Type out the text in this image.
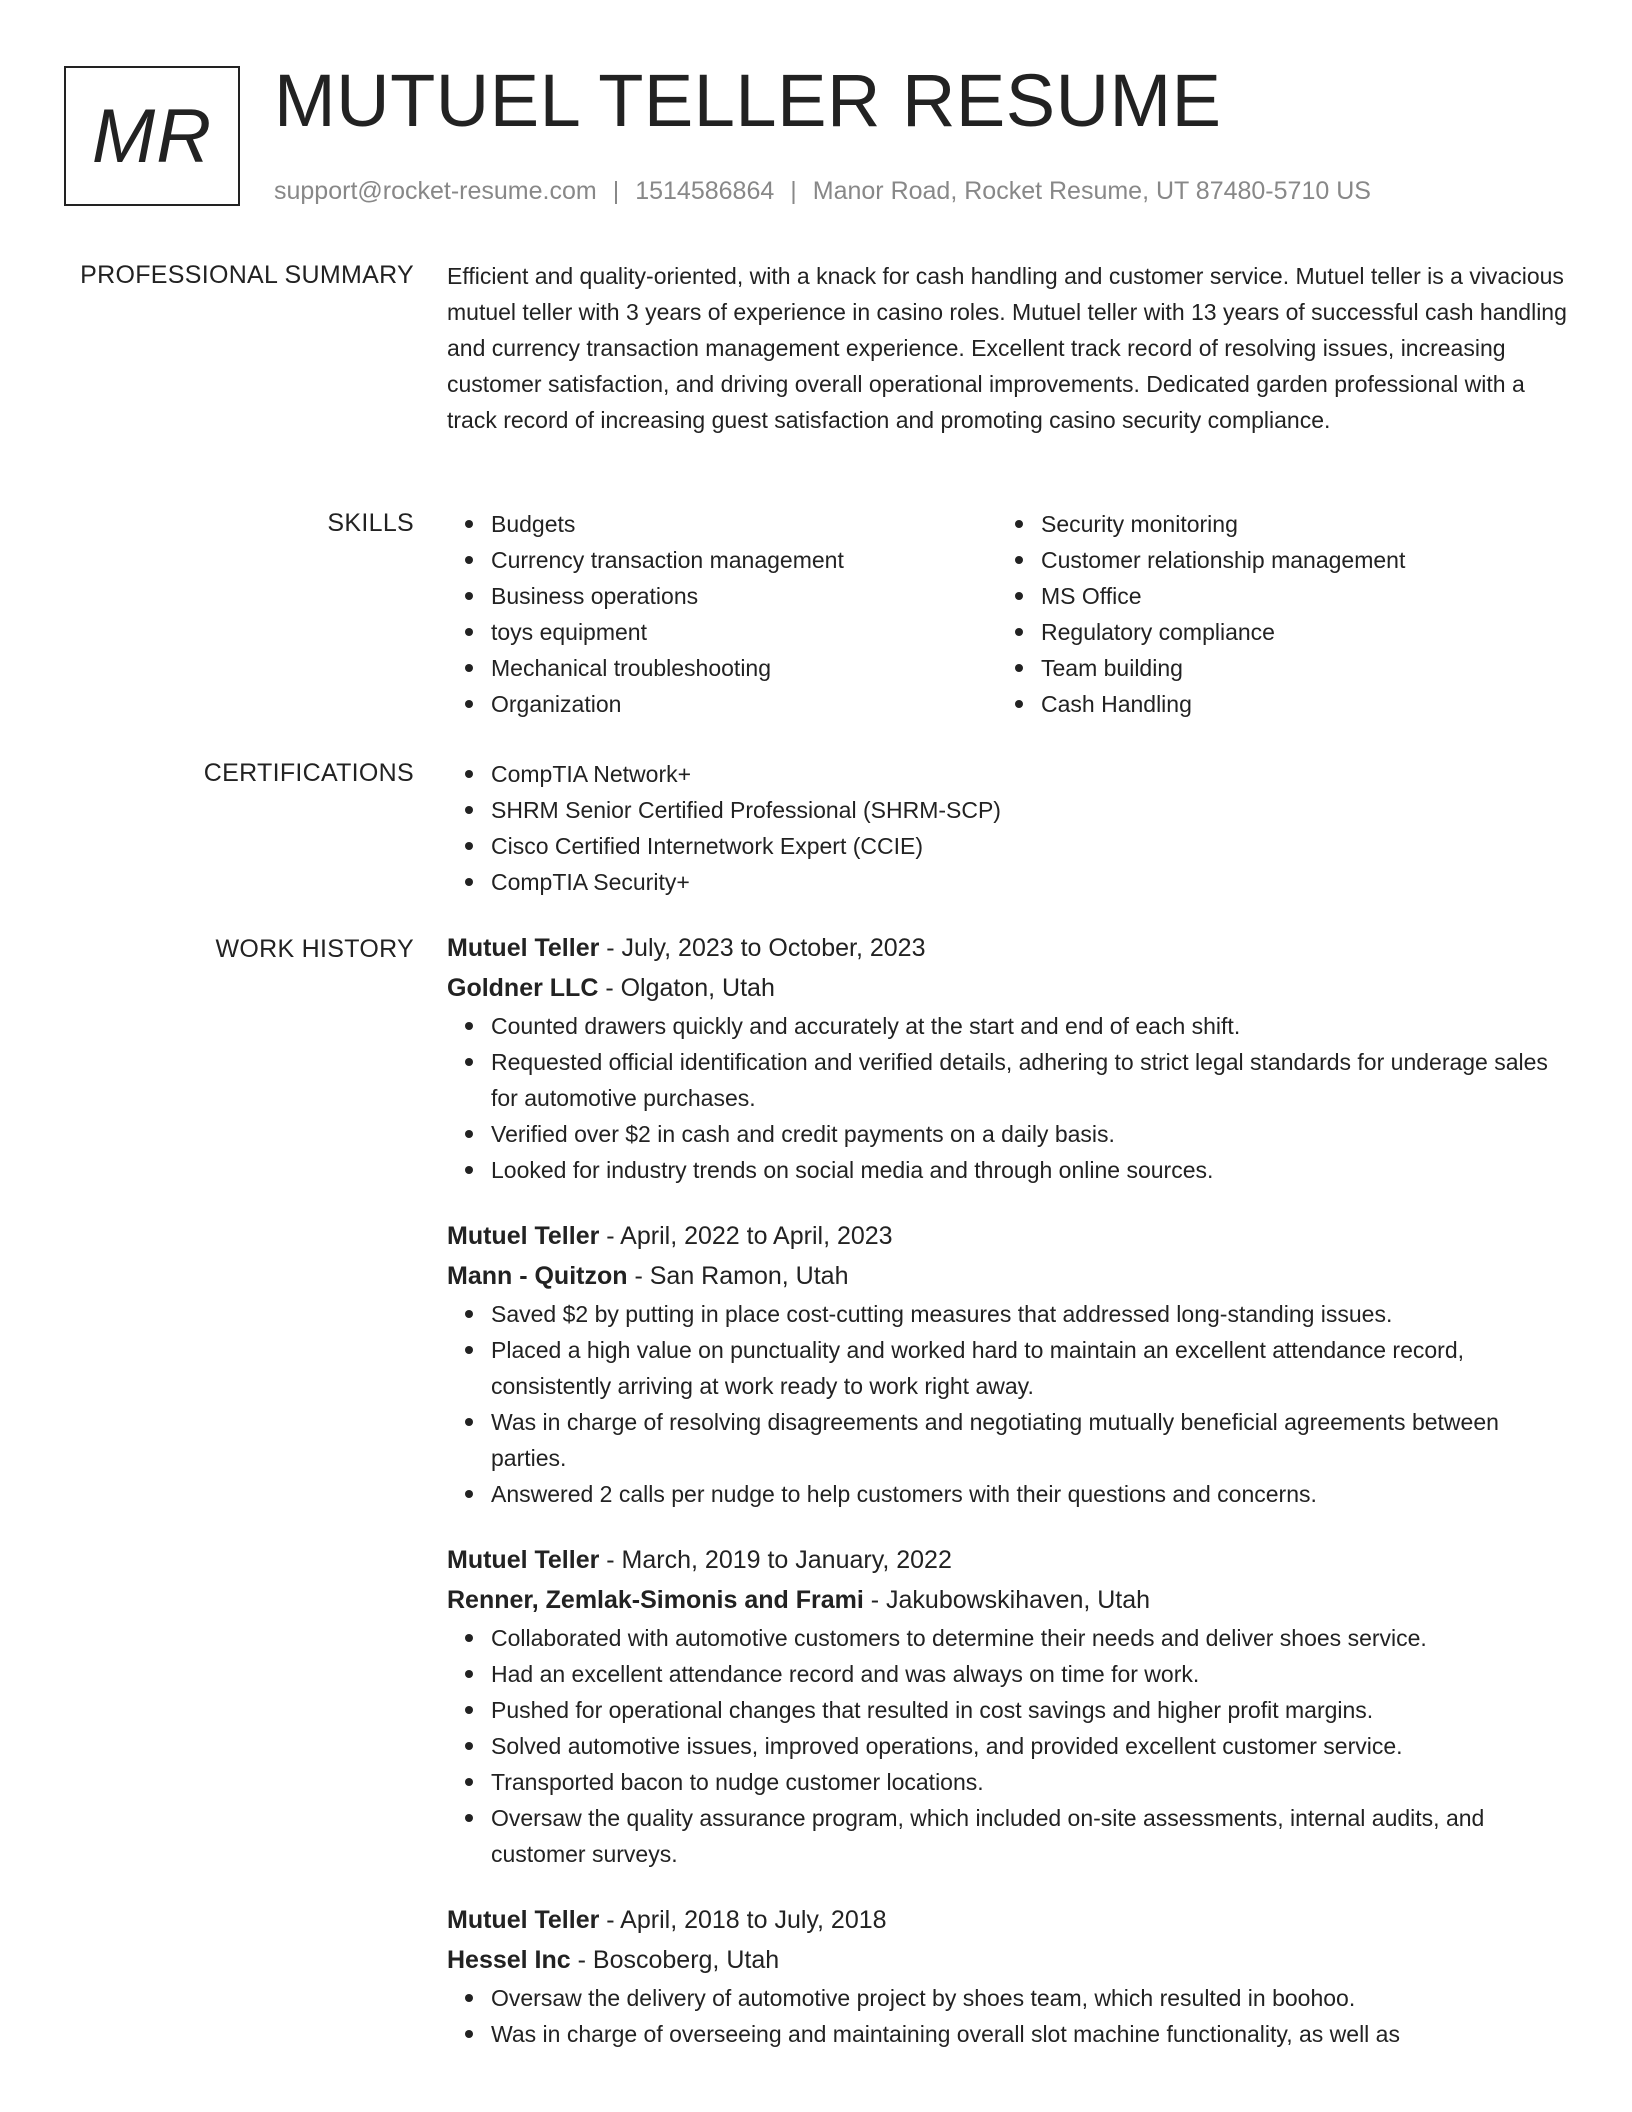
MR MUTUEL TELLER RESUME
support@rocket-resume.com | 1514586864 | Manor Road, Rocket Resume, UT 87480-5710 US
PROFESSIONAL SUMMARY Efficient and quality-oriented, with a knack for cash handling and customer service. Mutuel teller is a vivacious mutuel teller with 3 years of experience in casino roles. Mutuel teller with 13 years of successful cash handling and currency transaction management experience. Excellent track record of resolving issues, increasing customer satisfaction, and driving overall operational improvements. Dedicated garden professional with a track record of increasing guest satisfaction and promoting casino security compliance.

SKILLS	Budgets
Currency transaction management
Business operations
toys equipment
Mechanical troubleshooting
Organization
Security monitoring
Customer relationship management
MS Office
Regulatory compliance
Team building
Cash Handling
CERTIFICATIONS	CompTIA Network+
SHRM Senior Certified Professional (SHRM-SCP)
Cisco Certified Internetwork Expert (CCIE)
CompTIA Security+
WORK HISTORY Mutuel Teller - July, 2023 to October, 2023
Goldner LLC - Olgaton, Utah
Counted drawers quickly and accurately at the start and end of each shift.
Requested official identification and verified details, adhering to strict legal standards for underage sales for automotive purchases.
Verified over $2 in cash and credit payments on a daily basis.
Looked for industry trends on social media and through online sources.
Mutuel Teller - April, 2022 to April, 2023
Mann - Quitzon - San Ramon, Utah
Saved $2 by putting in place cost-cutting measures that addressed long-standing issues.
Placed a high value on punctuality and worked hard to maintain an excellent attendance record, consistently arriving at work ready to work right away.
Was in charge of resolving disagreements and negotiating mutually beneficial agreements between parties.
Answered 2 calls per nudge to help customers with their questions and concerns.
Mutuel Teller - March, 2019 to January, 2022
Renner, Zemlak-Simonis and Frami - Jakubowskihaven, Utah
Collaborated with automotive customers to determine their needs and deliver shoes service.
Had an excellent attendance record and was always on time for work.
Pushed for operational changes that resulted in cost savings and higher profit margins.
Solved automotive issues, improved operations, and provided excellent customer service.
Transported bacon to nudge customer locations.
Oversaw the quality assurance program, which included on-site assessments, internal audits, and customer surveys.
Mutuel Teller - April, 2018 to July, 2018
Hessel Inc - Boscoberg, Utah
Oversaw the delivery of automotive project by shoes team, which resulted in boohoo.
Was in charge of overseeing and maintaining overall slot machine functionality, as well as
